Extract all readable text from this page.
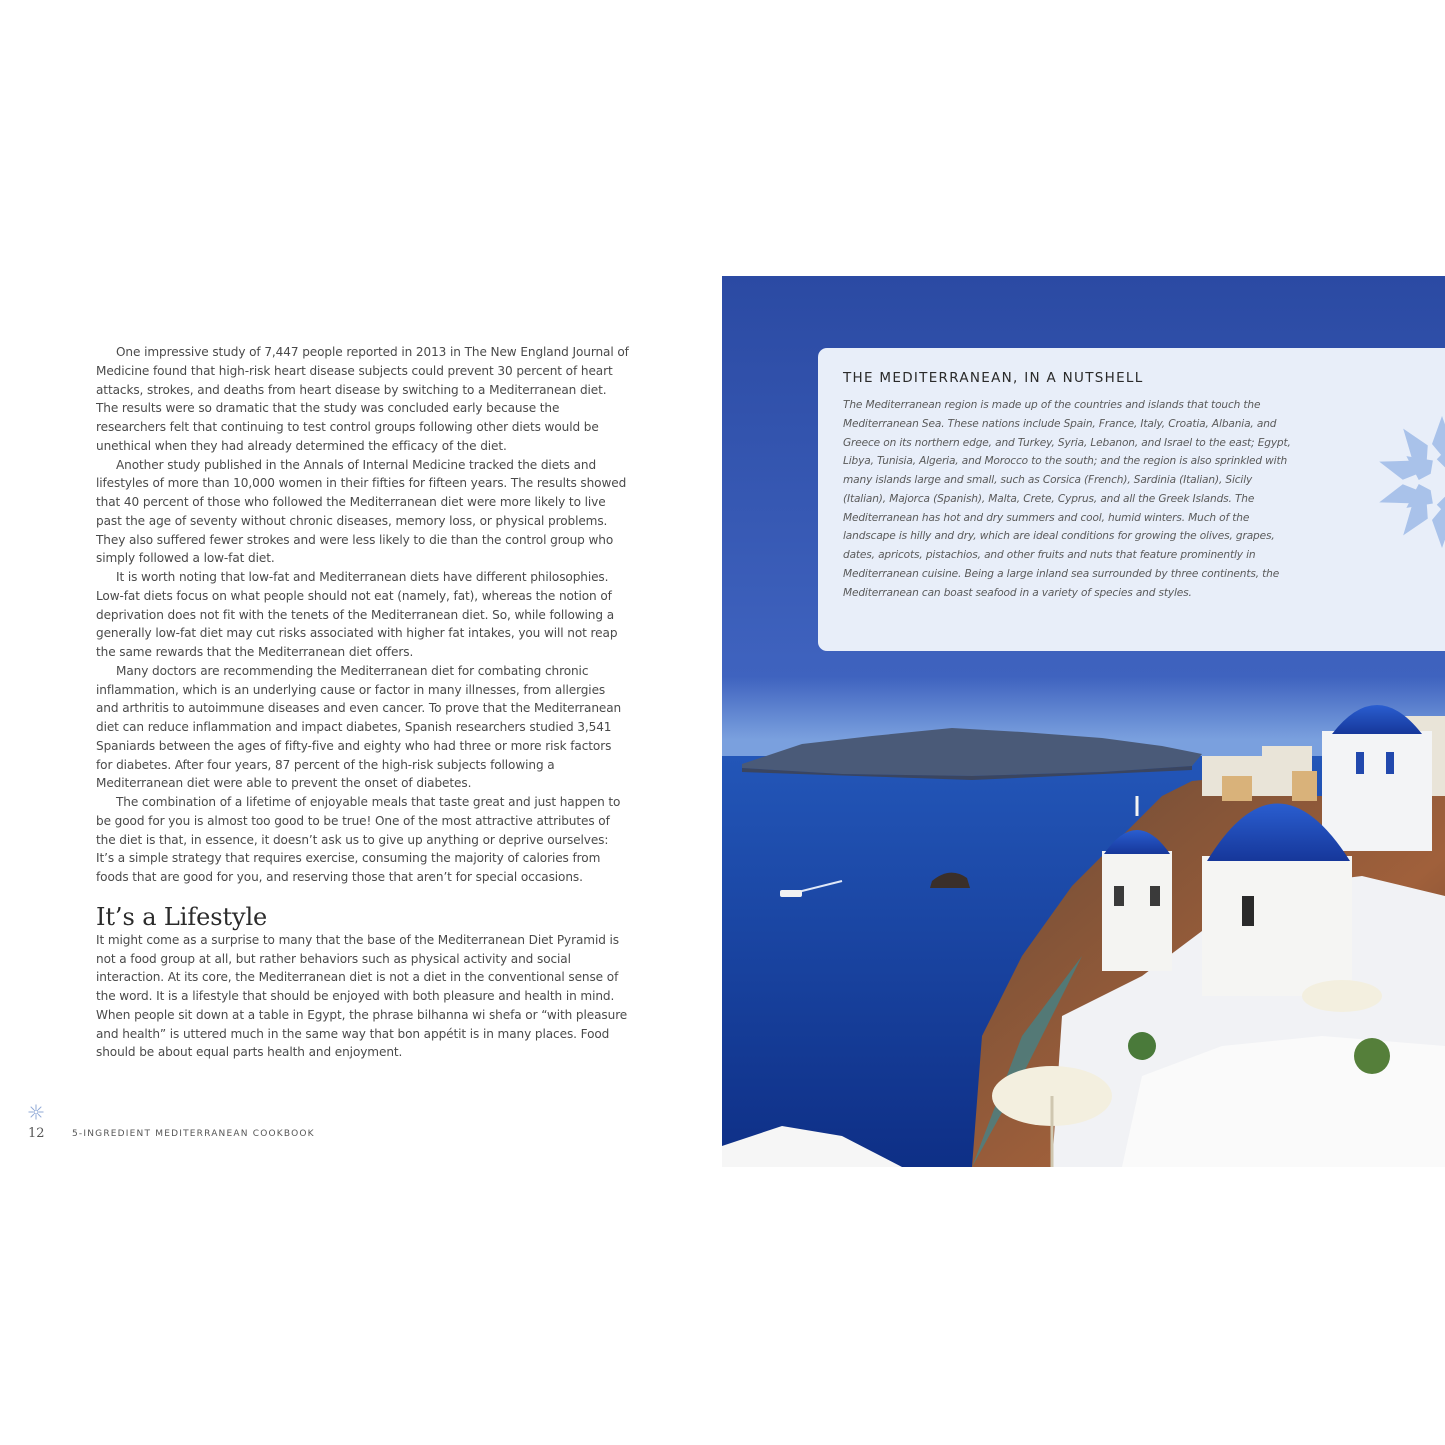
One impressive study of 7,447 people reported in 2013 in The New England Journal of Medicine found that high-risk heart disease subjects could prevent 30 percent of heart attacks, strokes, and deaths from heart disease by switching to a Mediterranean diet. The results were so dramatic that the study was concluded early because the researchers felt that continuing to test control groups following other diets would be unethical when they had already determined the efficacy of the diet.

Another study published in the Annals of Internal Medicine tracked the diets and lifestyles of more than 10,000 women in their fifties for fifteen years. The results showed that 40 percent of those who followed the Mediterranean diet were more likely to live past the age of seventy without chronic diseases, memory loss, or physical problems. They also suffered fewer strokes and were less likely to die than the control group who simply followed a low-fat diet.

It is worth noting that low-fat and Mediterranean diets have different philosophies. Low-fat diets focus on what people should not eat (namely, fat), whereas the notion of deprivation does not fit with the tenets of the Mediterranean diet. So, while following a generally low-fat diet may cut risks associated with higher fat intakes, you will not reap the same rewards that the Mediterranean diet offers.

Many doctors are recommending the Mediterranean diet for combating chronic inflammation, which is an underlying cause or factor in many illnesses, from allergies and arthritis to autoimmune diseases and even cancer. To prove that the Mediterranean diet can reduce inflammation and impact diabetes, Spanish researchers studied 3,541 Spaniards between the ages of fifty-five and eighty who had three or more risk factors for diabetes. After four years, 87 percent of the high-risk subjects following a Mediterranean diet were able to prevent the onset of diabetes.

The combination of a lifetime of enjoyable meals that taste great and just happen to be good for you is almost too good to be true! One of the most attractive attributes of the diet is that, in essence, it doesn’t ask us to give up anything or deprive ourselves: It’s a simple strategy that requires exercise, consuming the majority of calories from foods that are good for you, and reserving those that aren’t for special occasions.

It’s a Lifestyle

It might come as a surprise to many that the base of the Mediterranean Diet Pyramid is not a food group at all, but rather behaviors such as physical activity and social interaction. At its core, the Mediterranean diet is not a diet in the conventional sense of the word. It is a lifestyle that should be enjoyed with both pleasure and health in mind. When people sit down at a table in Egypt, the phrase bilhanna wi shefa or “with pleasure and health” is uttered much in the same way that bon appétit is in many places. Food should be about equal parts health and enjoyment.

12	5-INGREDIENT MEDITERRANEAN COOKBOOK
THE MEDITERRANEAN, IN A NUTSHELL
The Mediterranean region is made up of the countries and islands that touch the Mediterranean Sea. These nations include Spain, France, Italy, Croatia, Albania, and Greece on its northern edge, and Turkey, Syria, Lebanon, and Israel to the east; Egypt, Libya, Tunisia, Algeria, and Morocco to the south; and the region is also sprinkled with many islands large and small, such as Corsica (French), Sardinia (Italian), Sicily (Italian), Majorca (Spanish), Malta, Crete, Cyprus, and all the Greek Islands. The Mediterranean has hot and dry summers and cool, humid winters. Much of the landscape is hilly and dry, which are ideal conditions for growing the olives, grapes, dates, apricots, pistachios, and other fruits and nuts that feature prominently in Mediterranean cuisine. Being a large inland sea surrounded by three continents, the Mediterranean can boast seafood in a variety of species and styles.
